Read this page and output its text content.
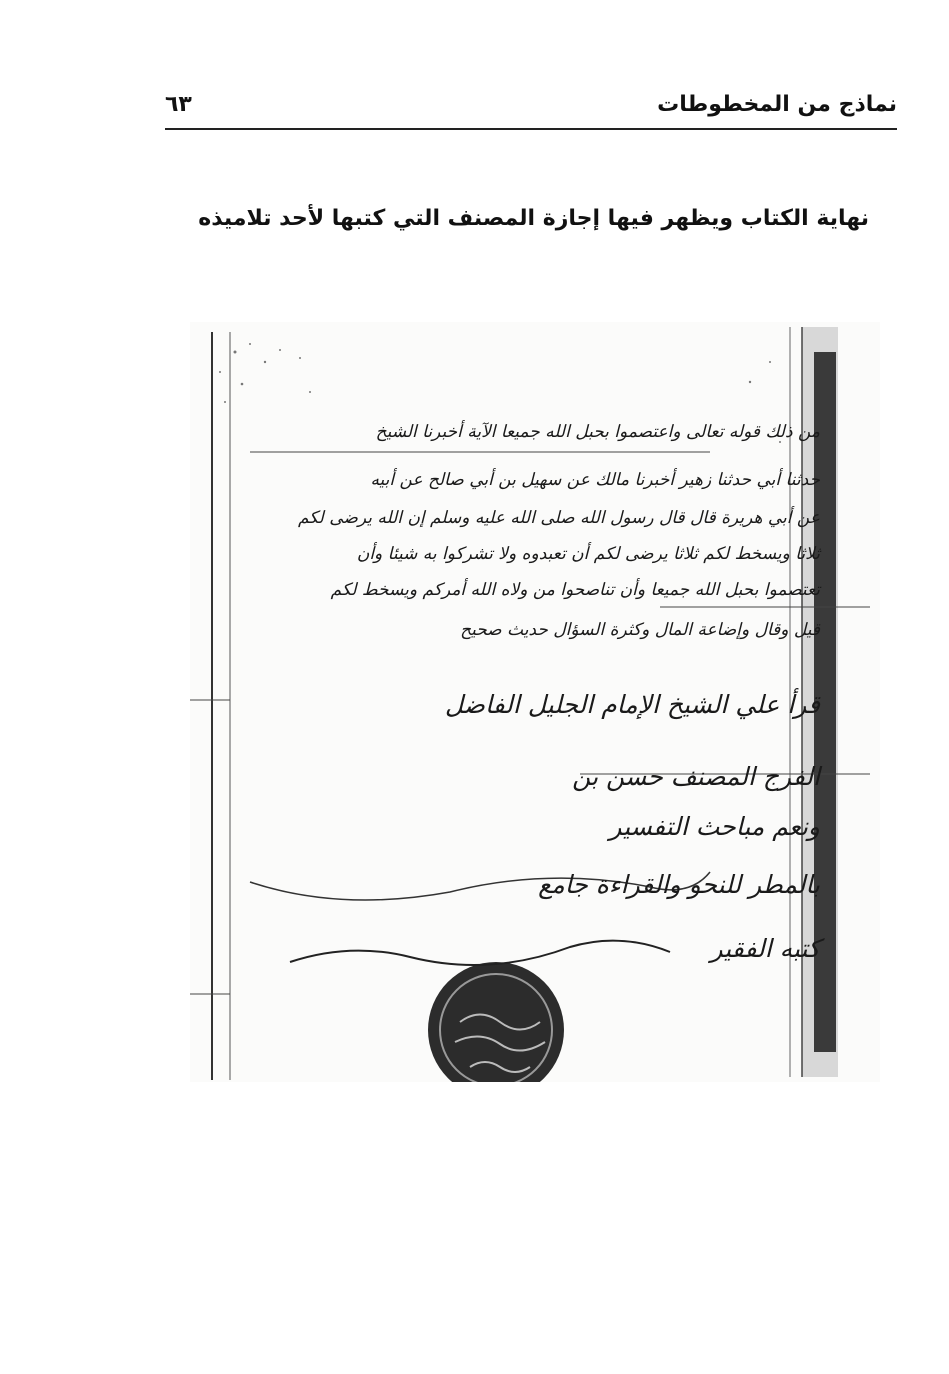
نماذج من المخطوطات
٦٣
نهاية الكتاب ويظهر فيها إجازة المصنف التي كتبها لأحد تلاميذه
من ذلك قوله تعالى واعتصموا بحبل الله جميعا الآية أخبرنا الشيخ
حدثنا أبي حدثنا زهير أخبرنا مالك عن سهيل بن أبي صالح عن أبيه
عن أبي هريرة قال قال رسول الله صلى الله عليه وسلم إن الله يرضى لكم
ثلاثا ويسخط لكم ثلاثا يرضى لكم أن تعبدوه ولا تشركوا به شيئا وأن
تعتصموا بحبل الله جميعا وأن تناصحوا من ولاه الله أمركم ويسخط لكم
قيل وقال وإضاعة المال وكثرة السؤال حديث صحيح
قرأ علي الشيخ الإمام الجليل الفاضل
الفرج المصنف حسن بن
ونعم مباحث التفسير
بالمطر للنحو والقراءة جامع
كتبه الفقير
